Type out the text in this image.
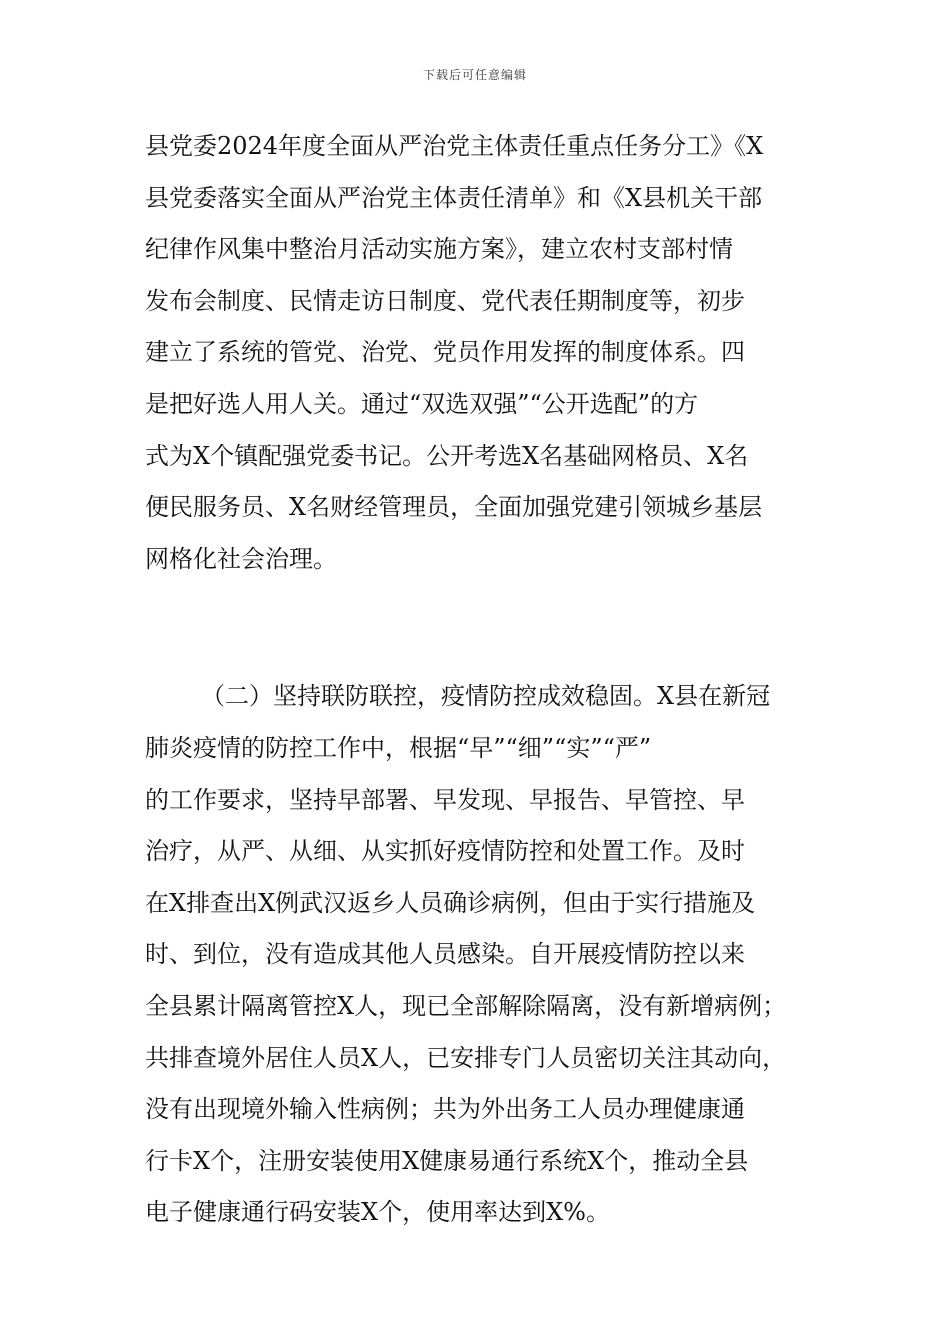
下载后可任意编辑
县党委2024年度全面从严治党主体责任重点任务分工》《X
县党委落实全面从严治党主体责任清单》和《X县机关干部
纪律作风集中整治月活动实施方案》，建立农村支部村情
发布会制度、民情走访日制度、党代表任期制度等，初步
建立了系统的管党、治党、党员作用发挥的制度体系。四
是把好选人用人关。通过“双选双强”“公开选配”的方
式为X个镇配强党委书记。公开考选X名基础网格员、X名
便民服务员、X名财经管理员，全面加强党建引领城乡基层
网格化社会治理。
（二）坚持联防联控，疫情防控成效稳固。X县在新冠
肺炎疫情的防控工作中，根据“早”“细”“实”“严”
的工作要求，坚持早部署、早发现、早报告、早管控、早
治疗，从严、从细、从实抓好疫情防控和处置工作。及时
在X排查出X例武汉返乡人员确诊病例，但由于实行措施及
时、到位，没有造成其他人员感染。自开展疫情防控以来
全县累计隔离管控X人，现已全部解除隔离，没有新增病例；
共排查境外居住人员X人，已安排专门人员密切关注其动向，
没有出现境外输入性病例；共为外出务工人员办理健康通
行卡X个，注册安装使用X健康易通行系统X个，推动全县
电子健康通行码安装X个，使用率达到X%。
